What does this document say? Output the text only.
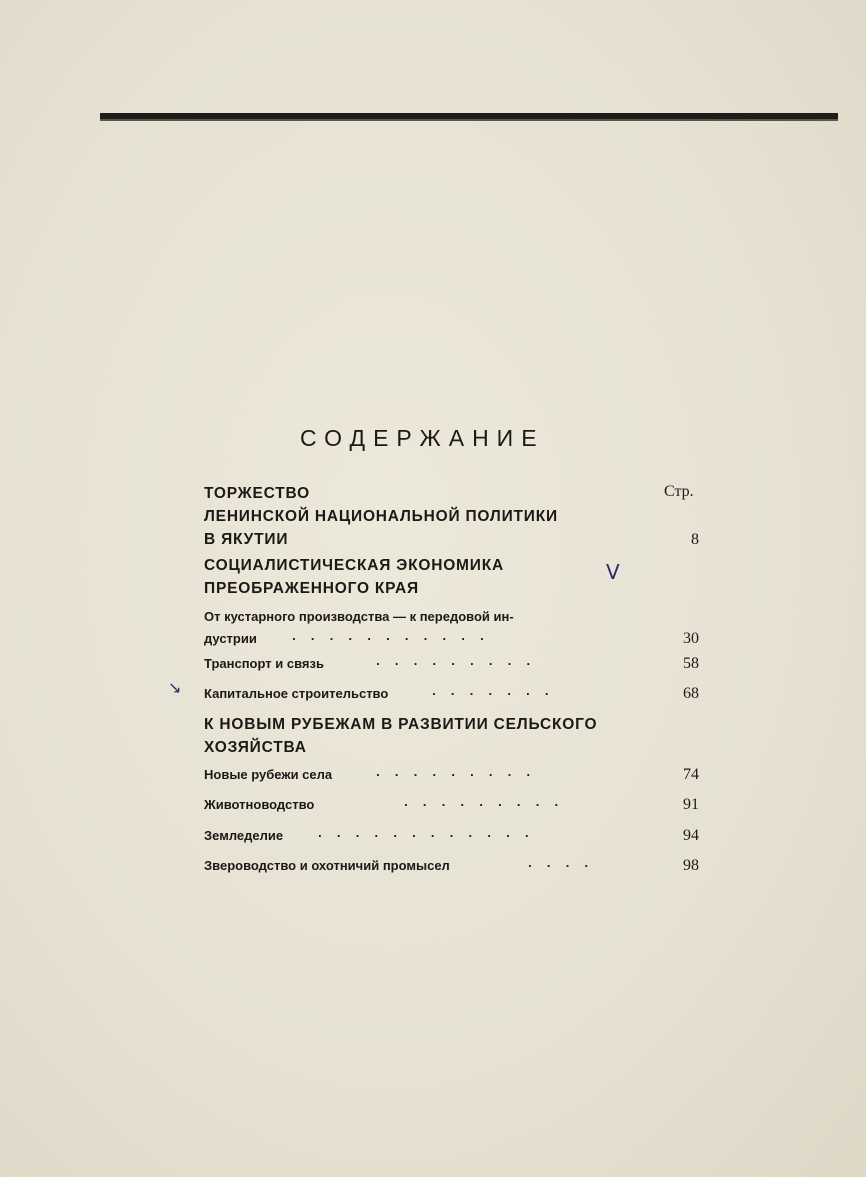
СОДЕРЖАНИЕ
Стр.
ТОРЖЕСТВО
ЛЕНИНСКОЙ НАЦИОНАЛЬНОЙ ПОЛИТИКИ
В ЯКУТИИ	8
СОЦИАЛИСТИЧЕСКАЯ ЭКОНОМИКА
ПРЕОБРАЖЕННОГО КРАЯ
V
От кустарного производства — к передовой ин-
дустрии	...........	30
Транспорт и связь	.........	58
Капитальное строительство	.......	68
↘
К НОВЫМ РУБЕЖАМ В РАЗВИТИИ СЕЛЬСКОГО
ХОЗЯЙСТВА
Новые рубежи села	.........	74
Животноводство	.........	91
Земледелие	............	94
Звероводство и охотничий промысел	....	98
